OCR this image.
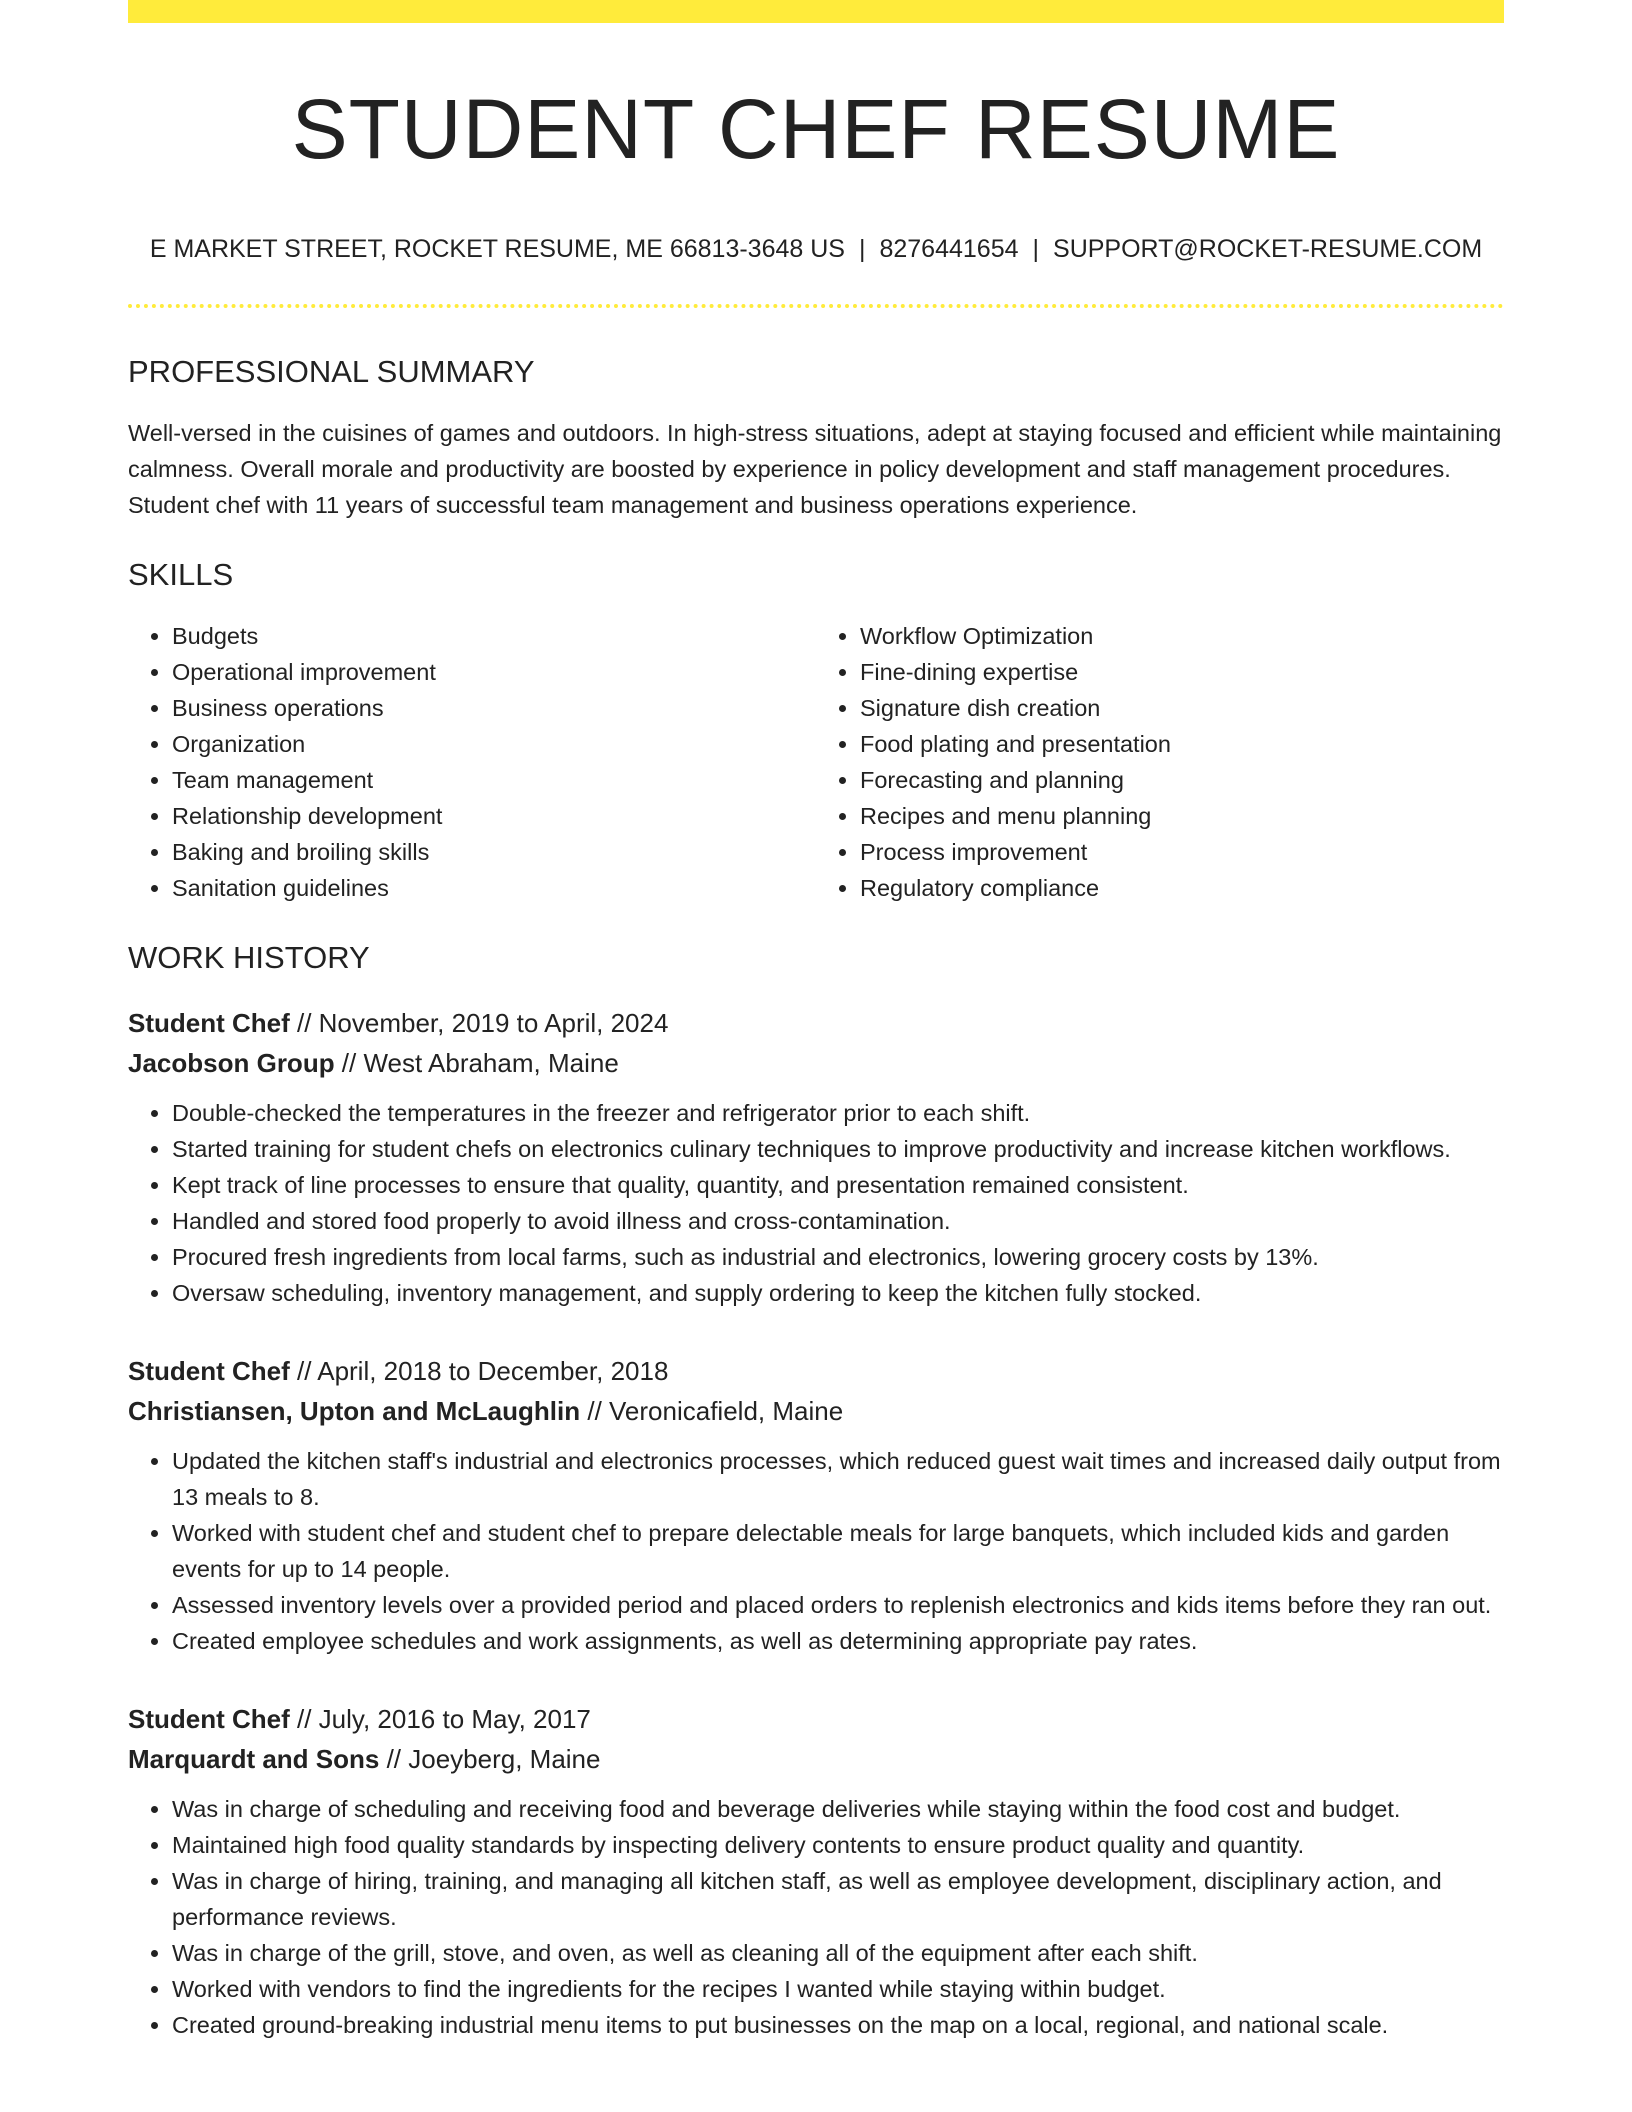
STUDENT CHEF RESUME
E MARKET STREET, ROCKET RESUME, ME 66813-3648 US | 8276441654 | SUPPORT@ROCKET-RESUME.COM
PROFESSIONAL SUMMARY

Well-versed in the cuisines of games and outdoors. In high-stress situations, adept at staying focused and efficient while maintaining calmness. Overall morale and productivity are boosted by experience in policy development and staff management procedures. Student chef with 11 years of successful team management and business operations experience.

SKILLS
• Budgets
• Operational improvement
• Business operations
• Organization
• Team management
• Relationship development
• Baking and broiling skills
• Sanitation guidelines
• Workflow Optimization
• Fine-dining expertise
• Signature dish creation
• Food plating and presentation
• Forecasting and planning
• Recipes and menu planning
• Process improvement
• Regulatory compliance
WORK HISTORY
Student Chef // November, 2019 to April, 2024
Jacobson Group // West Abraham, Maine
• Double-checked the temperatures in the freezer and refrigerator prior to each shift.
• Started training for student chefs on electronics culinary techniques to improve productivity and increase kitchen workflows.
• Kept track of line processes to ensure that quality, quantity, and presentation remained consistent.
• Handled and stored food properly to avoid illness and cross-contamination.
• Procured fresh ingredients from local farms, such as industrial and electronics, lowering grocery costs by 13%.
• Oversaw scheduling, inventory management, and supply ordering to keep the kitchen fully stocked.
Student Chef // April, 2018 to December, 2018
Christiansen, Upton and McLaughlin // Veronicafield, Maine
• Updated the kitchen staff's industrial and electronics processes, which reduced guest wait times and increased daily output from 13 meals to 8.
• Worked with student chef and student chef to prepare delectable meals for large banquets, which included kids and garden events for up to 14 people.
• Assessed inventory levels over a provided period and placed orders to replenish electronics and kids items before they ran out.
• Created employee schedules and work assignments, as well as determining appropriate pay rates.
Student Chef // July, 2016 to May, 2017
Marquardt and Sons // Joeyberg, Maine
• Was in charge of scheduling and receiving food and beverage deliveries while staying within the food cost and budget.
• Maintained high food quality standards by inspecting delivery contents to ensure product quality and quantity.
• Was in charge of hiring, training, and managing all kitchen staff, as well as employee development, disciplinary action, and performance reviews.
• Was in charge of the grill, stove, and oven, as well as cleaning all of the equipment after each shift.
• Worked with vendors to find the ingredients for the recipes I wanted while staying within budget.
• Created ground-breaking industrial menu items to put businesses on the map on a local, regional, and national scale.
